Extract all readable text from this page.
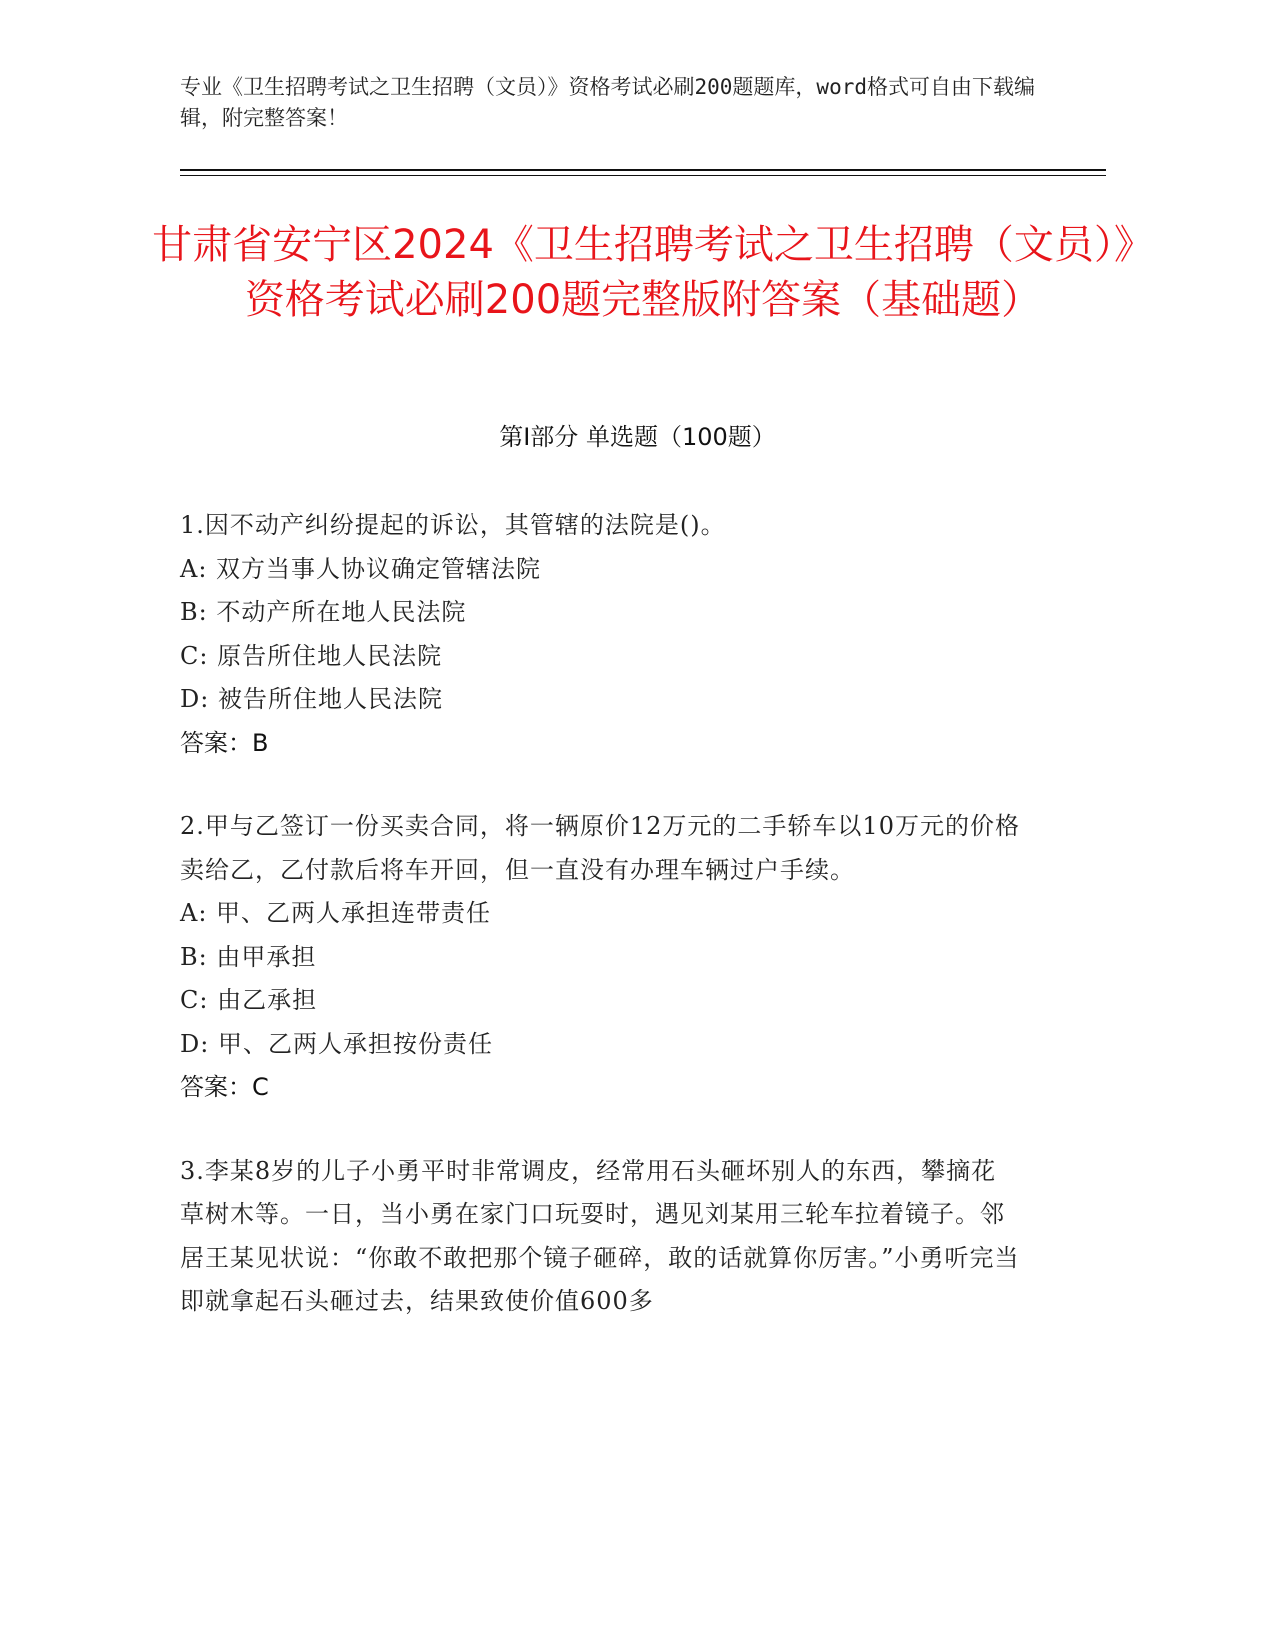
专业《卫生招聘考试之卫生招聘（文员）》资格考试必刷200题题库，word格式可自由下载编辑，附完整答案！
甘肃省安宁区2024《卫生招聘考试之卫生招聘（文员）》资格考试必刷200题完整版附答案（基础题）
第Ⅰ部分 单选题（100题）
1.因不动产纠纷提起的诉讼，其管辖的法院是()。
A: 双方当事人协议确定管辖法院
B: 不动产所在地人民法院
C: 原告所住地人民法院
D: 被告所住地人民法院
答案：B
2.甲与乙签订一份买卖合同，将一辆原价12万元的二手轿车以10万元的价格卖给乙，乙付款后将车开回，但一直没有办理车辆过户手续。
A: 甲、乙两人承担连带责任
B: 由甲承担
C: 由乙承担
D: 甲、乙两人承担按份责任
答案：C
3.李某8岁的儿子小勇平时非常调皮，经常用石头砸坏别人的东西，攀摘花草树木等。一日，当小勇在家门口玩耍时，遇见刘某用三轮车拉着镜子。邻居王某见状说：“你敢不敢把那个镜子砸碎，敢的话就算你厉害。”小勇听完当即就拿起石头砸过去，结果致使价值600多
